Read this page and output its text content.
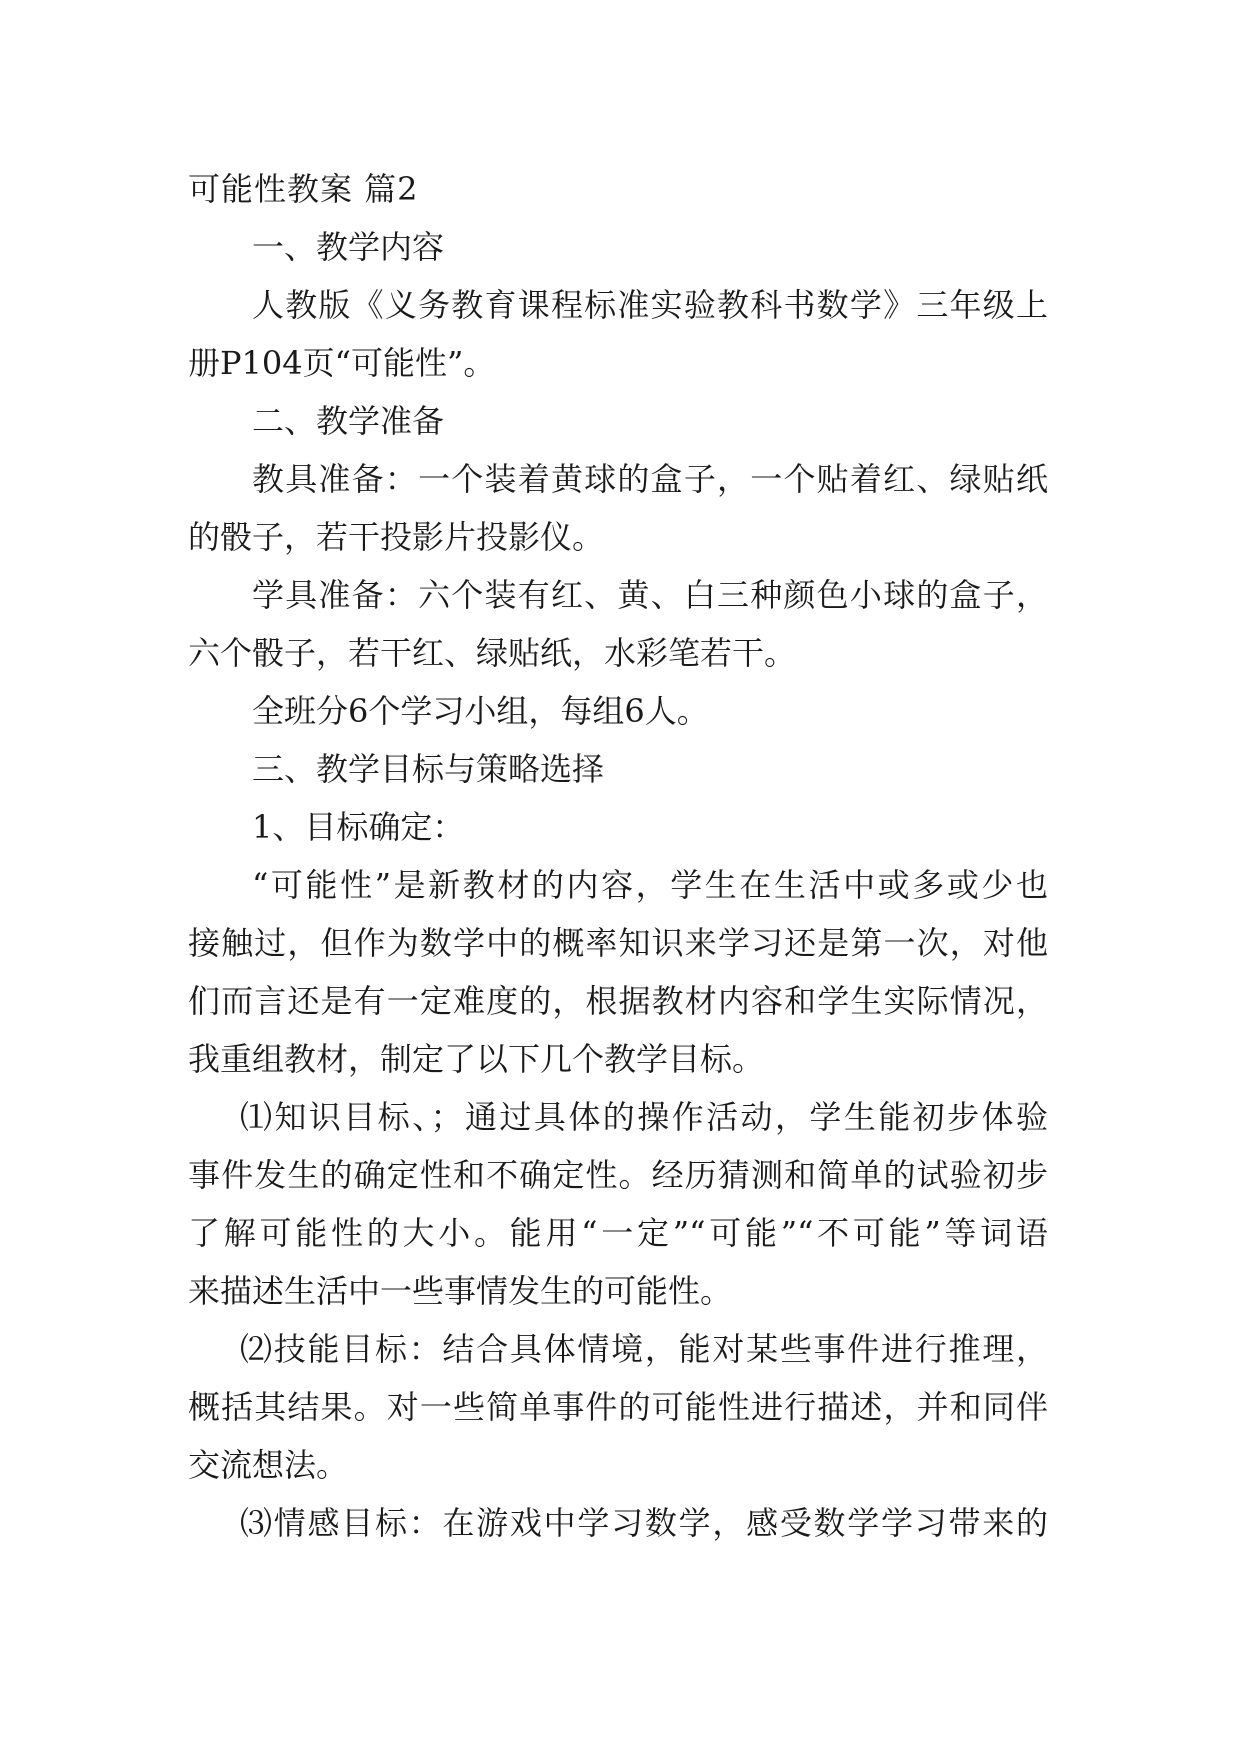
可能性教案 篇2
一、教学内容
人教版《义务教育课程标准实验教科书数学》三年级上
册P104页“可能性”。
二、教学准备
教具准备：一个装着黄球的盒子，一个贴着红、绿贴纸
的骰子，若干投影片投影仪。
学具准备：六个装有红、黄、白三种颜色小球的盒子，
六个骰子，若干红、绿贴纸，水彩笔若干。
全班分6个学习小组，每组6人。
三、教学目标与策略选择
1、目标确定：
“可能性”是新教材的内容，学生在生活中或多或少也
接触过，但作为数学中的概率知识来学习还是第一次，对他
们而言还是有一定难度的，根据教材内容和学生实际情况，
我重组教材，制定了以下几个教学目标。
⑴知识目标、；通过具体的操作活动，学生能初步体验
事件发生的确定性和不确定性。经历猜测和简单的试验初步
了解可能性的大小。能用“一定”“可能”“不可能”等词语
来描述生活中一些事情发生的可能性。
⑵技能目标：结合具体情境，能对某些事件进行推理，
概括其结果。对一些简单事件的可能性进行描述，并和同伴
交流想法。
⑶情感目标：在游戏中学习数学，感受数学学习带来的
